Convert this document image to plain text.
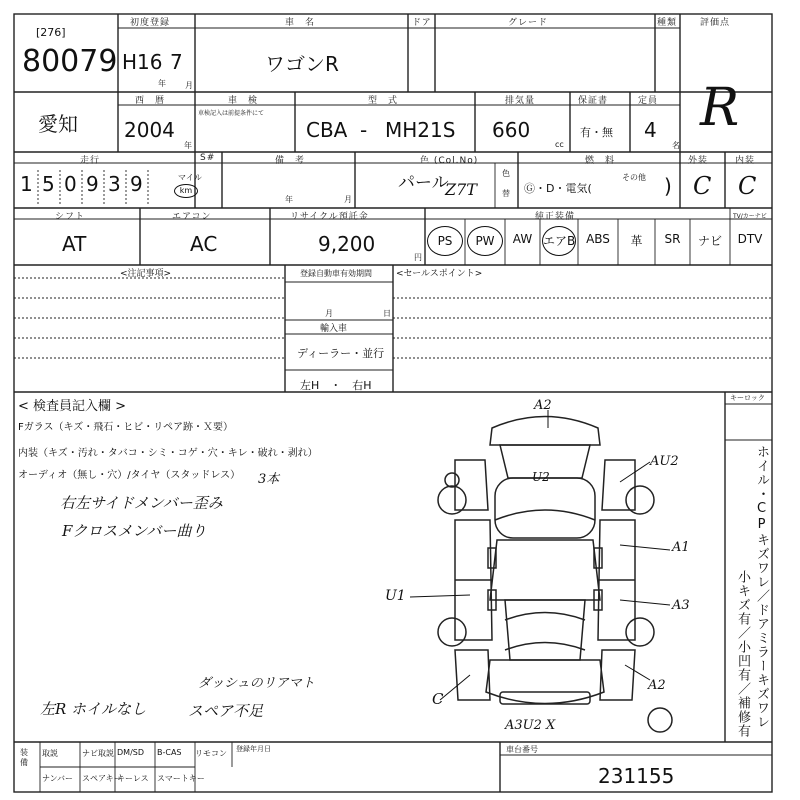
[276]
80079
初度登録
H16 7
年 月
車　名
ワゴンR
ドア	グレード	種類	評価点
R
愛知
西　暦
2004
年
車　検
車検記入は前提条件にて
型　式
CBA - MH21S
排気量
660
cc
保証書
有・無
定員
4
名
走行
1 5 0 9 3 9	マイル
km
S#	備　考
年	月
色 (Col.No)
パール
Z7T
色
替
燃　料
Ⓖ・D・電気(
その他 )
外装
C
内装
C
シフト
AT
エアコン
AC
リサイクル預託金
9,200
円
純正装備	TV/カーナビ
PS	PW	AW エアB ABS	革	SR	ナビ	DTV
<注記事項>	登録自動車有効期間
月	日
輸入車
ディーラー・並行
左H　・　右H
<セールスポイント>
< 検査員記入欄 >
Fガラス（キズ・飛石・ヒビ・リペア跡・Ｘ要）
内装（キズ・汚れ・タバコ・シミ・コゲ・穴・キレ・破れ・剥れ）
オーディオ（無し・穴）/タイヤ（スタッドレス） 3本
右左サイドメンバー歪み
Fクロスメンバー曲り
左R ホイルなし	スペア不足
ダッシュのリアマト
キーロック
ホイル・CPキズワレ／ドアミラーキズワレ
小キズ有／小凹有／補修有
A2
AU2
U2
A1
A3
U1
A2
C
A3U2 X
装備
取説	ナビ取説 DM/SD B-CAS リモコン
ナンバー スペアキー
キーレス スマートキー
登録年月日	車台番号
231155
